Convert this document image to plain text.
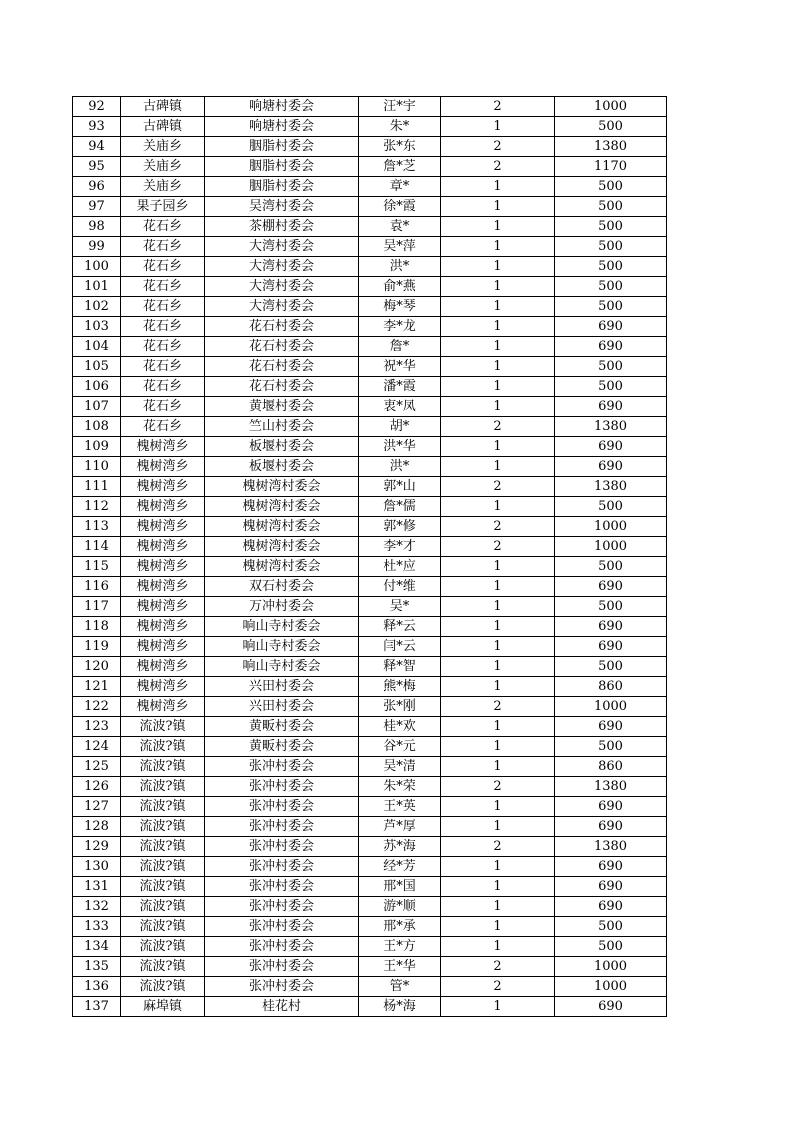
92	古碑镇	响塘村委会	汪*宇	2	1000
93	古碑镇	响塘村委会	朱*	1	500
94	关庙乡	胭脂村委会	张*东	2	1380
95	关庙乡	胭脂村委会	詹*芝	2	1170
96	关庙乡	胭脂村委会	章*	1	500
97	果子园乡	吴湾村委会	徐*霞	1	500
98	花石乡	茶棚村委会	袁*	1	500
99	花石乡	大湾村委会	吴*萍	1	500
100	花石乡	大湾村委会	洪*	1	500
101	花石乡	大湾村委会	俞*燕	1	500
102	花石乡	大湾村委会	梅*琴	1	500
103	花石乡	花石村委会	李*龙	1	690
104	花石乡	花石村委会	詹*	1	690
105	花石乡	花石村委会	祝*华	1	500
106	花石乡	花石村委会	潘*霞	1	500
107	花石乡	黄堰村委会	衷*凤	1	690
108	花石乡	竺山村委会	胡*	2	1380
109	槐树湾乡	板堰村委会	洪*华	1	690
110	槐树湾乡	板堰村委会	洪*	1	690
111	槐树湾乡	槐树湾村委会	郭*山	2	1380
112	槐树湾乡	槐树湾村委会	詹*儒	1	500
113	槐树湾乡	槐树湾村委会	郭*修	2	1000
114	槐树湾乡	槐树湾村委会	李*才	2	1000
115	槐树湾乡	槐树湾村委会	杜*应	1	500
116	槐树湾乡	双石村委会	付*维	1	690
117	槐树湾乡	万冲村委会	吴*	1	500
118	槐树湾乡	响山寺村委会	释*云	1	690
119	槐树湾乡	响山寺村委会	闫*云	1	690
120	槐树湾乡	响山寺村委会	释*智	1	500
121	槐树湾乡	兴田村委会	熊*梅	1	860
122	槐树湾乡	兴田村委会	张*刚	2	1000
123	流波?镇	黄畈村委会	桂*欢	1	690
124	流波?镇	黄畈村委会	谷*元	1	500
125	流波?镇	张冲村委会	吴*清	1	860
126	流波?镇	张冲村委会	朱*荣	2	1380
127	流波?镇	张冲村委会	王*英	1	690
128	流波?镇	张冲村委会	芦*厚	1	690
129	流波?镇	张冲村委会	苏*海	2	1380
130	流波?镇	张冲村委会	经*芳	1	690
131	流波?镇	张冲村委会	邢*国	1	690
132	流波?镇	张冲村委会	游*顺	1	690
133	流波?镇	张冲村委会	邢*承	1	500
134	流波?镇	张冲村委会	王*方	1	500
135	流波?镇	张冲村委会	王*华	2	1000
136	流波?镇	张冲村委会	管*	2	1000
137	麻埠镇	桂花村	杨*海	1	690
